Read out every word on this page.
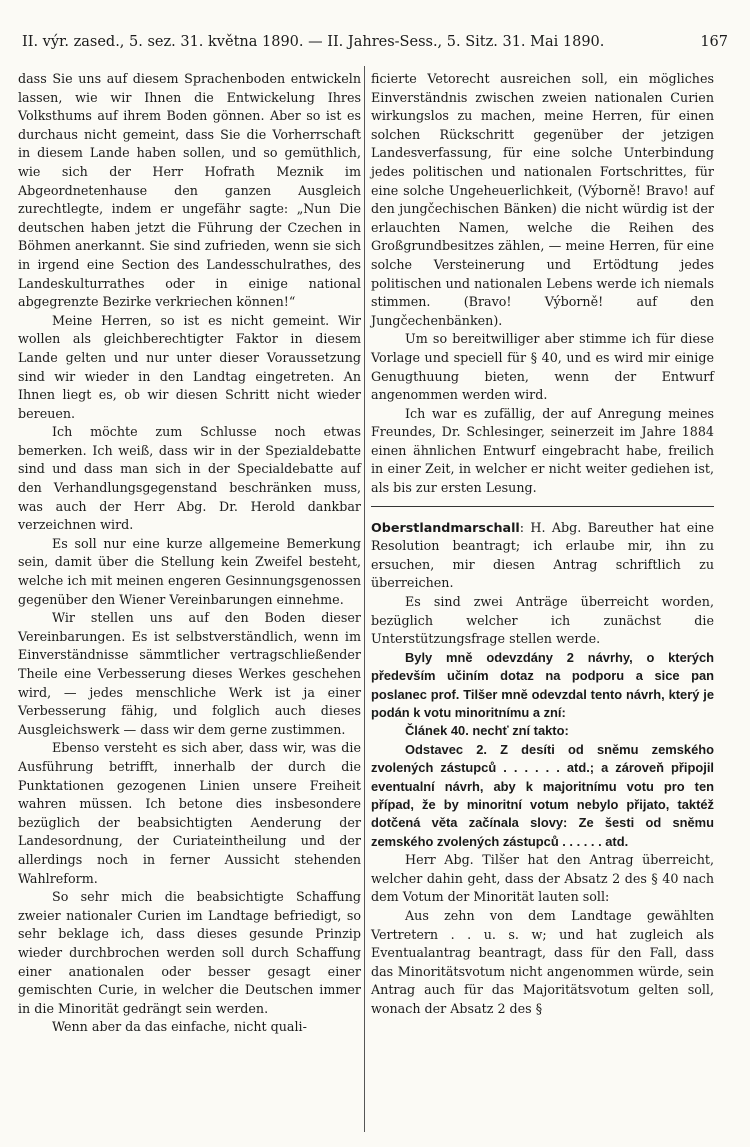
II. výr. zased., 5. sez. 31. května 1890. — II. Jahres-Sess., 5. Sitz. 31. Mai 1890.	167

dass Sie uns auf diesem Sprachenboden entwickeln lassen, wie wir Ihnen die Entwickelung Ihres Volksthums auf ihrem Boden gönnen. Aber so ist es durchaus nicht gemeint, dass Sie die Vorherrschaft in diesem Lande haben sollen, und so gemüthlich, wie sich der Herr Hofrath Meznik im Abgeordnetenhause den ganzen Ausgleich zurechtlegte, indem er ungefähr sagte: „Nun Die deutschen haben jetzt die Führung der Czechen in Böhmen anerkannt. Sie sind zufrieden, wenn sie sich in irgend eine Section des Landesschulrathes, des Landeskulturrathes oder in einige national abgegrenzte Bezirke verkriechen können!“

Meine Herren, so ist es nicht gemeint. Wir wollen als gleichberechtigter Faktor in diesem Lande gelten und nur unter dieser Voraussetzung sind wir wieder in den Landtag eingetreten. An Ihnen liegt es, ob wir diesen Schritt nicht wieder bereuen.

Ich möchte zum Schlusse noch etwas bemerken. Ich weiß, dass wir in der Spezialdebatte sind und dass man sich in der Specialdebatte auf den Verhandlungsgegenstand beschränken muss, was auch der Herr Abg. Dr. Herold dankbar verzeichnen wird.

Es soll nur eine kurze allgemeine Bemerkung sein, damit über die Stellung kein Zweifel besteht, welche ich mit meinen engeren Gesinnungsgenossen gegenüber den Wiener Vereinbarungen einnehme.

Wir stellen uns auf den Boden dieser Vereinbarungen. Es ist selbstverständlich, wenn im Einverständnisse sämmtlicher vertragschließender Theile eine Verbesserung dieses Werkes geschehen wird, — jedes menschliche Werk ist ja einer Verbesserung fähig, und folglich auch dieses Ausgleichswerk — dass wir dem gerne zustimmen.

Ebenso versteht es sich aber, dass wir, was die Ausführung betrifft, innerhalb der durch die Punktationen gezogenen Linien unsere Freiheit wahren müssen. Ich betone dies insbesondere bezüglich der beabsichtigten Aenderung der Landesordnung, der Curiateintheilung und der allerdings noch in ferner Aussicht stehenden Wahlreform.

So sehr mich die beabsichtigte Schaffung zweier nationaler Curien im Landtage befriedigt, so sehr beklage ich, dass dieses gesunde Prinzip wieder durchbrochen werden soll durch Schaffung einer anationalen oder besser gesagt einer gemischten Curie, in welcher die Deutschen immer in die Minorität gedrängt sein werden.

Wenn aber da das einfache, nicht quali-

ficierte Vetorecht ausreichen soll, ein mögliches Einverständnis zwischen zweien nationalen Curien wirkungslos zu machen, meine Herren, für einen solchen Rückschritt gegenüber der jetzigen Landesverfassung, für eine solche Unterbindung jedes politischen und nationalen Fortschrittes, für eine solche Ungeheuerlichkeit, (Výborně! Bravo! auf den jungčechischen Bänken) die nicht würdig ist der erlauchten Namen, welche die Reihen des Großgrundbesitzes zählen, — meine Herren, für eine solche Versteinerung und Ertödtung jedes politischen und nationalen Lebens werde ich niemals stimmen. (Bravo! Výborně! auf den Jungčechenbänken).

Um so bereitwilliger aber stimme ich für diese Vorlage und speciell für § 40, und es wird mir einige Genugthuung bieten, wenn der Entwurf angenommen werden wird.

Ich war es zufällig, der auf Anregung meines Freundes, Dr. Schlesinger, seinerzeit im Jahre 1884 einen ähnlichen Entwurf eingebracht habe, freilich in einer Zeit, in welcher er nicht weiter gediehen ist, als bis zur ersten Lesung.

Oberstlandmarschall: H. Abg. Bareuther hat eine Resolution beantragt; ich erlaube mir, ihn zu ersuchen, mir diesen Antrag schriftlich zu überreichen.

Es sind zwei Anträge überreicht worden, bezüglich welcher ich zunächst die Unterstützungsfrage stellen werde.

Byly mně odevzdány 2 návrhy, o kterých především učiním dotaz na podporu a sice pan poslanec prof. Tilšer mně odevzdal tento návrh, který je podán k votu minoritnímu a zní:

Článek 40. nechť zní takto:

Odstavec 2. Z desíti od sněmu zemského zvolených zástupců . . . . . . atd.; a zároveň připojil eventualní návrh, aby k majoritnímu votu pro ten případ, že by minoritní votum nebylo přijato, taktéž dotčená věta začínala slovy: Ze šesti od sněmu zemského zvolených zástupců . . . . . . atd.

Herr Abg. Tilšer hat den Antrag überreicht, welcher dahin geht, dass der Absatz 2 des § 40 nach dem Votum der Minorität lauten soll:

Aus zehn von dem Landtage gewählten Vertretern . . u. s. w; und hat zugleich als Eventualantrag beantragt, dass für den Fall, dass das Minoritätsvotum nicht angenommen würde, sein Antrag auch für das Majoritätsvotum gelten soll, wonach der Absatz 2 des §
